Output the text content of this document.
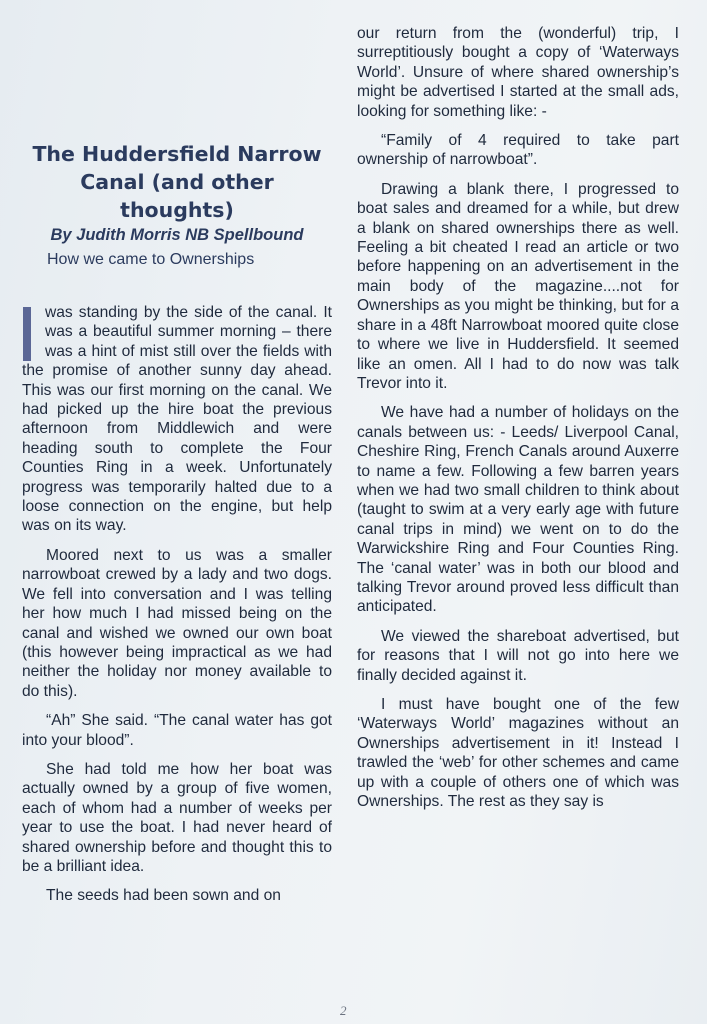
The Huddersfield Narrow Canal (and other thoughts)
By Judith Morris NB Spellbound
How we came to Ownerships

was standing by the side of the canal. It was a beautiful summer morning – there was a hint of mist still over the fields with the promise of another sunny day ahead. This was our first morning on the canal. We had picked up the hire boat the previous afternoon from Middlewich and were heading south to complete the Four Counties Ring in a week. Unfortunately progress was temporarily halted due to a loose connection on the engine, but help was on its way.

Moored next to us was a smaller narrowboat crewed by a lady and two dogs. We fell into conversation and I was telling her how much I had missed being on the canal and wished we owned our own boat (this however being impractical as we had neither the holiday nor money available to do this).

“Ah” She said. “The canal water has got into your blood”.

She had told me how her boat was actually owned by a group of five women, each of whom had a number of weeks per year to use the boat. I had never heard of shared ownership before and thought this to be a brilliant idea.

The seeds had been sown and on

our return from the (wonderful) trip, I surreptitiously bought a copy of ‘Waterways World’. Unsure of where shared ownership’s might be advertised I started at the small ads, looking for something like: -

“Family of 4 required to take part ownership of narrowboat”.

Drawing a blank there, I progressed to boat sales and dreamed for a while, but drew a blank on shared ownerships there as well. Feeling a bit cheated I read an article or two before happening on an advertisement in the main body of the magazine....not for Ownerships as you might be thinking, but for a share in a 48ft Narrowboat moored quite close to where we live in Huddersfield. It seemed like an omen. All I had to do now was talk Trevor into it.

We have had a number of holidays on the canals between us: - Leeds/ Liverpool Canal, Cheshire Ring, French Canals around Auxerre to name a few. Following a few barren years when we had two small children to think about (taught to swim at a very early age with future canal trips in mind) we went on to do the Warwickshire Ring and Four Counties Ring. The ‘canal water’ was in both our blood and talking Trevor around proved less difficult than anticipated.

We viewed the shareboat advertised, but for reasons that I will not go into here we finally decided against it.

I must have bought one of the few ‘Waterways World’ magazines without an Ownerships advertisement in it! Instead I trawled the ‘web’ for other schemes and came up with a couple of others one of which was Ownerships. The rest as they say is

2
